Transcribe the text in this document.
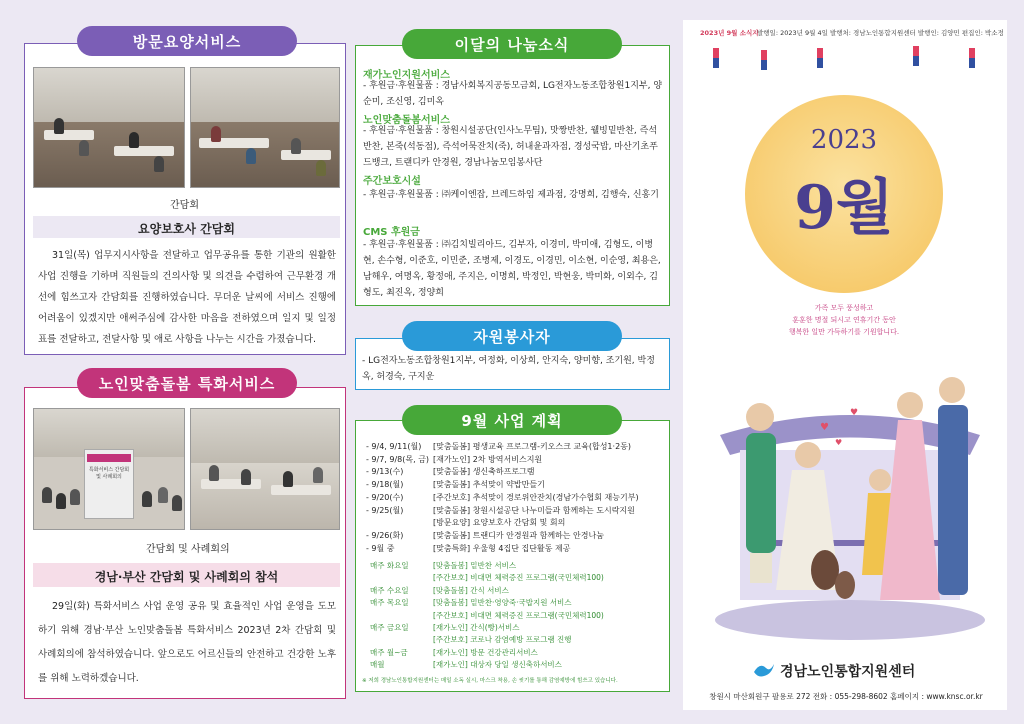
방문요양서비스
간담회
요양보호사 간담회
31일(목) 업무지시사항을 전달하고 업무공유를 통한 기관의 원활한 사업 진행을 기하며 직원들의 건의사항 및 의견을 수렴하여 근무환경 개선에 힘쓰고자 간담회를 진행하였습니다. 무더운 날씨에 서비스 진행에 어려움이 있겠지만 애써주심에 감사한 마음을 전하였으며 일지 및 일정표를 전달하고, 전달사항 및 애로 사항을 나누는 시간을 가졌습니다.
노인맞춤돌봄 특화서비스
특화서비스 간담회 및 사례회의
간담회 및 사례회의
경남·부산 간담회 및 사례회의 참석
29일(화) 특화서비스 사업 운영 공유 및 효율적인 사업 운영을 도모하기 위해 경남·부산 노인맞춤돌봄 특화서비스 2023년 2차 간담회 및 사례회의에 참석하였습니다. 앞으로도 어르신들의 안전하고 건강한 노후를 위해 노력하겠습니다.
이달의 나눔소식
재가노인지원서비스
- 후원금·후원물품 : 경남사회복지공동모금회, LG전자노동조합창원1지부, 양순미, 조신영, 김미옥
노인맞춤돌봄서비스
- 후원금·후원물품 : 창원시설공단(인사노무팀), 맛짱반찬, 웰빙밑반찬, 즉석반찬, 본죽(석동점), 즉석어묵잔치(죽), 허내윤과자점, 경성국밥, 마산기초푸드뱅크, 트랜디카 안경원, 경남나눔모임봉사단
주간보호시설
- 후원금·후원물품 : ㈜케이엔잡, 브레드하임 제과점, 강명희, 김행숙, 신홍기
CMS 후원금
- 후원금·후원물품 : ㈜김치빌리아드, 김부자, 이경미, 박미애, 김형도, 이병현, 손수형, 이준호, 이민준, 조병제, 이경도, 이경민, 이소현, 이순영, 최용은, 남해우, 여명옥, 황정애, 주지은, 이명희, 박정인, 박현웅, 박미화, 이외수, 김형도, 최진옥, 정양희
자원봉사자
- LG전자노동조합창원1지부, 여정화, 이상희, 안지숙, 양미향, 조기원, 박정옥, 허경숙, 구지운
9월 사업 계획
- 9/4, 9/11(월) [맞춤돌봄] 평생교육 프로그램-키오스크 교육(합성1·2동)
- 9/7, 9/8(목, 금) [재가노인] 2차 방역서비스지원
- 9/13(수)	[맞춤돌봄] 생신축하프로그램
- 9/18(월)	[맞춤돌봄] 추석맞이 약밥만들기
- 9/20(수)	[주간보호] 추석맞이 경로위안잔치(경남가수협회 재능기부)
- 9/25(월)	[맞춤돌봄] 창원시설공단 나누미들과 함께하는 도시락지원
[방문요양] 요양보호사 간담회 및 회의
- 9/26(화)	[맞춤돌봄] 트랜디카 안경원과 함께하는 안경나눔
- 9월 중	[맞춤특화] 우울형 4집단 집단활동 제공
매주 화요일	[맞춤돌봄] 밑반찬 서비스
[주간보호] 비대면 체력증진 프로그램(국민체력100)
매주 수요일	[맞춤돌봄] 간식 서비스
매주 목요일	[맞춤돌봄] 밑반찬·영양죽·국밥지원 서비스
[주간보호] 비대면 체력증진 프로그램(국민체력100)
매주 금요일	[재가노인] 간식(빵)서비스
[주간보호] 코로나 감염예방 프로그램 진행
매주 월~금	[재가노인] 방문 건강관리서비스
매월	[재가노인] 대상자 당일 생신축하서비스
※ 저희 경남노인통합지원센터는 매일 소독 실시, 마스크 착용, 손 씻기를 통해 감염예방에 힘쓰고 있습니다.
2023년 9월 소식지
발행일: 2023년 9월 4일 발행처: 경남노인통합지원센터 발행인: 김양민 편집인: 박소정
2023
9월
가족 모두 풍성하고
훈훈한 명절 되시고 연휴기간 동안
행복한 일만 가득하기를 기원합니다.
♥
♥
♥
경남노인통합지원센터
창원시 마산회원구 팔용로 272 전화 : 055-298-8602 홈페이지 : www.knsc.or.kr
